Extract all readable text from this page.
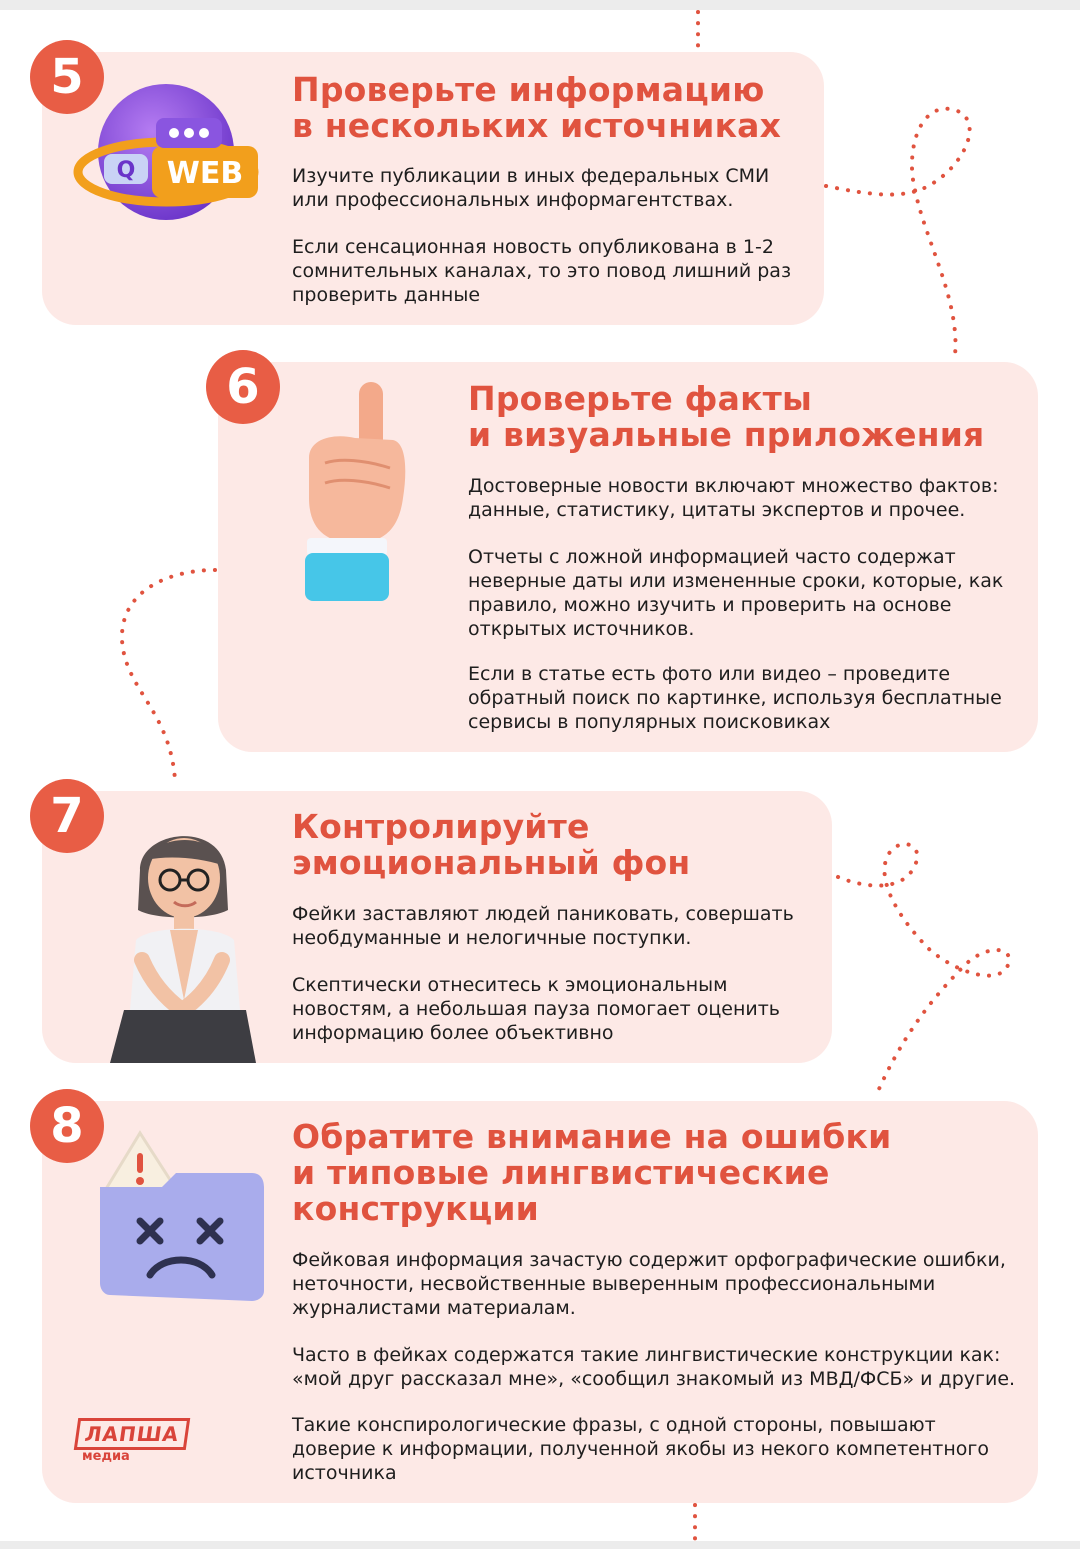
5
WEB
Q
Проверьте информацию
в нескольких источниках
Изучите публикации в иных федеральных СМИ
или профессиональных информагентствах.
Если сенсационная новость опубликована в 1-2
сомнительных каналах, то это повод лишний раз
проверить данные
6	Проверьте факты
и визуальные приложения
Достоверные новости включают множество фактов:
данные, статистику, цитаты экспертов и прочее.
Отчеты с ложной информацией часто содержат
неверные даты или измененные сроки, которые, как
правило, можно изучить и проверить на основе
открытых источников.
Если в статье есть фото или видео – проведите
обратный поиск по картинке, используя бесплатные
сервисы в популярных поисковиках
7	Контролируйте
эмоциональный фон
Фейки заставляют людей паниковать, совершать
необдуманные и нелогичные поступки.
Скептически отнеситесь к эмоциональным
новостям, а небольшая пауза помогает оценить
информацию более объективно
8	Обратите внимание на ошибки
и типовые лингвистические
конструкции
Фейковая информация зачастую содержит орфографические ошибки,
неточности, несвойственные выверенным профессиональными
журналистами материалам.
Часто в фейках содержатся такие лингвистические конструкции как:
«мой друг рассказал мне», «сообщил знакомый из МВД/ФСБ» и другие.
Такие конспирологические фразы, с одной стороны, повышают
доверие к информации, полученной якобы из некого компетентного
источника
ЛАПША
медиа
